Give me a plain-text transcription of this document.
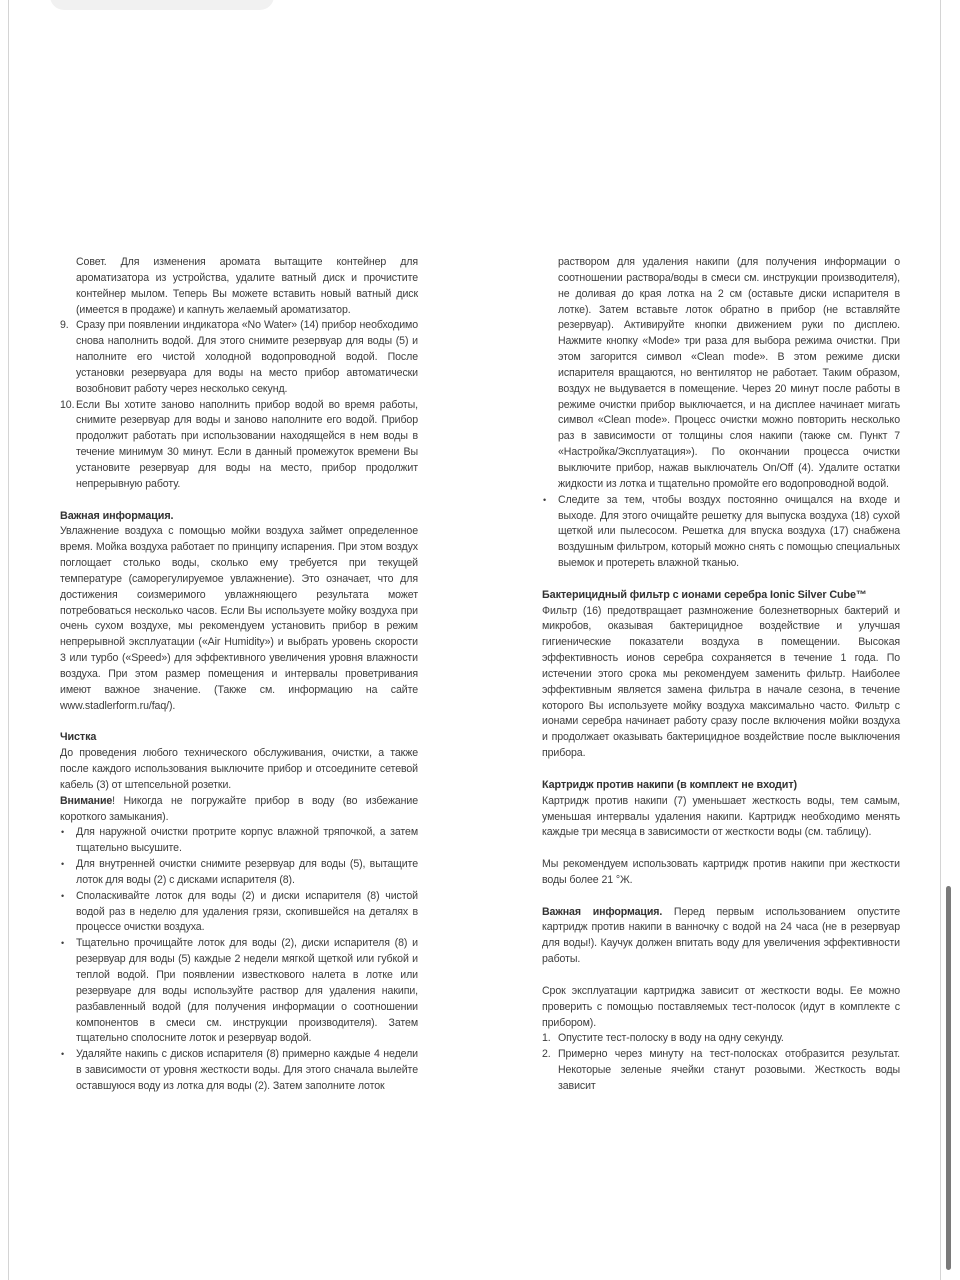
Совет. Для изменения аромата вытащите контейнер для ароматизатора из устройства, удалите ватный диск и прочистите контейнер мылом. Теперь Вы можете вставить новый ватный диск (имеется в продаже) и капнуть желаемый ароматизатор.

9. Сразу при появлении индикатора «No Water» (14) прибор необходимо снова наполнить водой. Для этого снимите резервуар для воды (5) и наполните его чистой холодной водопроводной водой. После установки резервуара для воды на место прибор автоматически возобновит работу через несколько секунд.
10. Если Вы хотите заново наполнить прибор водой во время работы, снимите резервуар для воды и заново наполните его водой. Прибор продолжит работать при использовании находящейся в нем воды в течение минимум 30 минут. Если в данный промежуток времени Вы установите резервуар для воды на место, прибор продолжит непрерывную работу.
Важная информация.

Увлажнение воздуха с помощью мойки воздуха займет определенное время. Мойка воздуха работает по принципу испарения. При этом воздух поглощает столько воды, сколько ему требуется при текущей температуре (саморегулируемое увлажнение). Это означает, что для достижения соизмеримого увлажняющего результата может потребоваться несколько часов. Если Вы используете мойку воздуха при очень сухом воздухе, мы рекомендуем установить прибор в режим непрерывной эксплуатации («Air Humidity») и выбрать уровень скорости 3 или турбо («Speed») для эффективного увеличения уровня влажности воздуха. При этом размер помещения и интервалы проветривания имеют важное значение. (Также см. информацию на сайте www.stadlerform.ru/faq/).

Чистка

До проведения любого технического обслуживания, очистки, а также после каждого использования выключите прибор и отсоедините сетевой кабель (3) от штепсельной розетки.

Внимание! Никогда не погружайте прибор в воду (во избежание короткого замыкания).

• Для наружной очистки протрите корпус влажной тряпочкой, а затем тщательно высушите.
• Для внутренней очистки снимите резервуар для воды (5), вытащите лоток для воды (2) с дисками испарителя (8).
• Споласкивайте лоток для воды (2) и диски испарителя (8) чистой водой раз в неделю для удаления грязи, скопившейся на деталях в процессе очистки воздуха.
• Тщательно прочищайте лоток для воды (2), диски испарителя (8) и резервуар для воды (5) каждые 2 недели мягкой щеткой или губкой и теплой водой. При появлении известкового налета в лотке или резервуаре для воды используйте раствор для удаления накипи, разбавленный водой (для получения информации о соотношении компонентов в смеси см. инструкции производителя). Затем тщательно сполосните лоток и резервуар водой.
• Удаляйте накипь с дисков испарителя (8) примерно каждые 4 недели в зависимости от уровня жесткости воды. Для этого сначала вылейте оставшуюся воду из лотка для воды (2). Затем заполните лоток

раствором для удаления накипи (для получения информации о соотношении раствора/воды в смеси см. инструкции производителя), не доливая до края лотка на 2 см (оставьте диски испарителя в лотке). Затем вставьте лоток обратно в прибор (не вставляйте резервуар). Активируйте кнопки движением руки по дисплею. Нажмите кнопку «Mode» три раза для выбора режима очистки. При этом загорится символ «Clean mode». В этом режиме диски испарителя вращаются, но вентилятор не работает. Таким образом, воздух не выдувается в помещение. Через 20 минут после работы в режиме очистки прибор выключается, и на дисплее начинает мигать символ «Clean mode». Процесс очистки можно повторить несколько раз в зависимости от толщины слоя накипи (также см. Пункт 7 «Настройка/Эксплуатация»). По окончании процесса очистки выключите прибор, нажав выключатель On/Off (4). Удалите остатки жидкости из лотка и тщательно промойте его водопроводной водой.

• Следите за тем, чтобы воздух постоянно очищался на входе и выходе. Для этого очищайте решетку для выпуска воздуха (18) сухой щеткой или пылесосом. Решетка для впуска воздуха (17) снабжена воздушным фильтром, который можно снять с помощью специальных выемок и протереть влажной тканью.
Бактерицидный фильтр с ионами серебра Ionic Silver Cube™

Фильтр (16) предотвращает размножение болезнетворных бактерий и микробов, оказывая бактерицидное воздействие и улучшая гигиенические показатели воздуха в помещении. Высокая эффективность ионов серебра сохраняется в течение 1 года. По истечении этого срока мы рекомендуем заменить фильтр. Наиболее эффективным является замена фильтра в начале сезона, в течение которого Вы используете мойку воздуха максимально часто. Фильтр с ионами серебра начинает работу сразу после включения мойки воздуха и продолжает оказывать бактерицидное воздействие после выключения прибора.

Картридж против накипи (в комплект не входит)

Картридж против накипи (7) уменьшает жесткость воды, тем самым, уменьшая интервалы удаления накипи. Картридж необходимо менять каждые три месяца в зависимости от жесткости воды (см. таблицу).

Мы рекомендуем использовать картридж против накипи при жесткости воды более 21 °Ж.

Важная информация. Перед первым использованием опустите картридж против накипи в ванночку с водой на 24 часа (не в резервуар для воды!). Каучук должен впитать воду для увеличения эффективности работы.

Срок эксплуатации картриджа зависит от жесткости воды. Ее можно проверить с помощью поставляемых тест-полосок (идут в комплекте с прибором).

1. Опустите тест-полоску в воду на одну секунду.
2. Примерно через минуту на тест-полосках отобразится результат. Некоторые зеленые ячейки станут розовыми. Жесткость воды зависит
